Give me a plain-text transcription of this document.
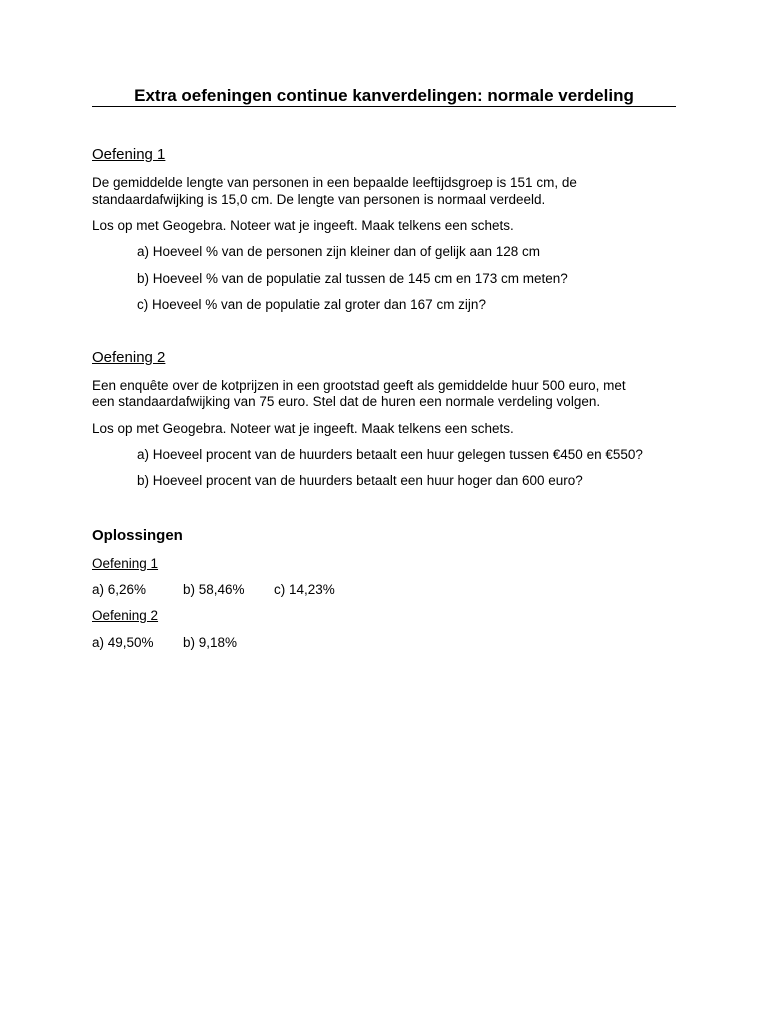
Extra oefeningen continue kanverdelingen: normale verdeling
Oefening 1
De gemiddelde lengte van personen in een bepaalde leeftijdsgroep is 151 cm, de
standaardafwijking is 15,0 cm. De lengte van personen is normaal verdeeld.
Los op met Geogebra. Noteer wat je ingeeft. Maak telkens een schets.
a) Hoeveel % van de personen zijn kleiner dan of gelijk aan 128 cm
b) Hoeveel % van de populatie zal tussen de 145 cm en 173 cm meten?
c) Hoeveel % van de populatie zal groter dan 167 cm zijn?
Oefening 2
Een enquête over de kotprijzen in een grootstad geeft als gemiddelde huur 500 euro, met
een standaardafwijking van 75 euro. Stel dat de huren een normale verdeling volgen.
Los op met Geogebra. Noteer wat je ingeeft. Maak telkens een schets.
a) Hoeveel procent van de huurders betaalt een huur gelegen tussen €450 en €550?
b) Hoeveel procent van de huurders betaalt een huur hoger dan 600 euro?
Oplossingen
Oefening 1
a) 6,26%	b) 58,46% c) 14,23%
Oefening 2
a) 49,50% b) 9,18%
